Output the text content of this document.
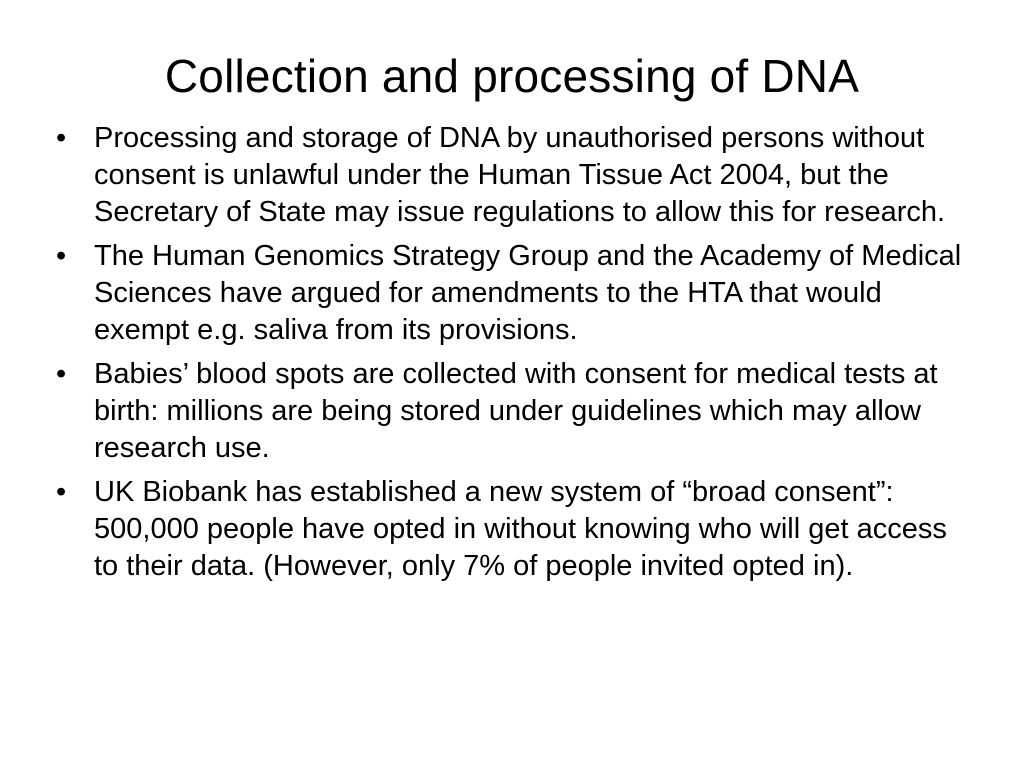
Collection and processing of DNA
• Processing and storage of DNA by unauthorised persons without consent is unlawful under the Human Tissue Act 2004, but the Secretary of State may issue regulations to allow this for research.
• The Human Genomics Strategy Group and the Academy of Medical Sciences have argued for amendments to the HTA that would exempt e.g. saliva from its provisions.
• Babies’ blood spots are collected with consent for medical tests at birth: millions are being stored under guidelines which may allow research use.
• UK Biobank has established a new system of “broad consent”: 500,000 people have opted in without knowing who will get access to their data. (However, only 7% of people invited opted in).
